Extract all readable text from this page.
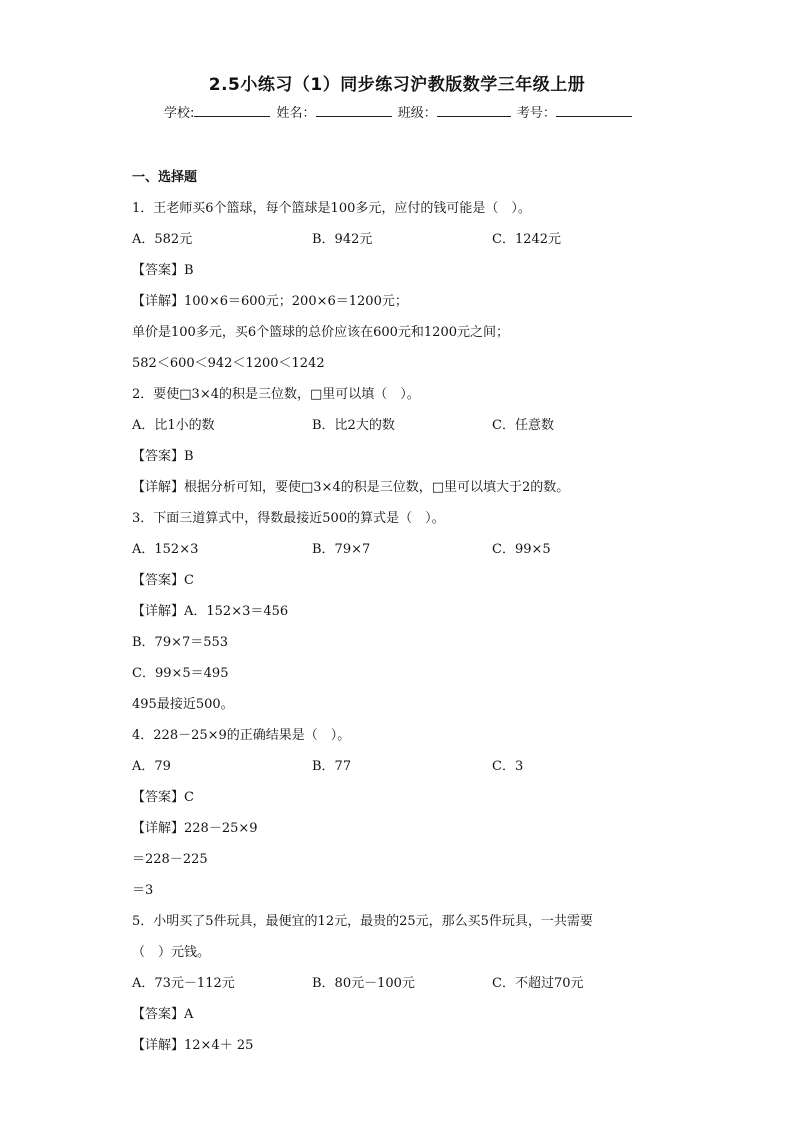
2.5小练习（1）同步练习沪教版数学三年级上册
学校:	姓名：	班级：	考号：
一、选择题
1．王老师买6个篮球，每个篮球是100多元，应付的钱可能是（　）。
A．582元	B．942元	C．1242元
【答案】B
【详解】100×6＝600元；200×6＝1200元；
单价是100多元，买6个篮球的总价应该在600元和1200元之间；
582＜600＜942＜1200＜1242
2．要使□3×4的积是三位数，□里可以填（　）。
A．比1小的数	B．比2大的数	C．任意数
【答案】B
【详解】根据分析可知，要使□3×4的积是三位数，□里可以填大于2的数。
3．下面三道算式中，得数最接近500的算式是（　）。
A．152×3	B．79×7	C．99×5
【答案】C
【详解】A．152×3＝456
B．79×7＝553
C．99×5＝495
495最接近500。
4．228－25×9的正确结果是（　）。
A．79	B．77	C．3
【答案】C
【详解】228－25×9
＝228－225
＝3
5．小明买了5件玩具，最便宜的12元，最贵的25元，那么买5件玩具，一共需要
（　）元钱。
A．73元－112元	B．80元－100元	C．不超过70元
【答案】A
【详解】12×4＋ 25
